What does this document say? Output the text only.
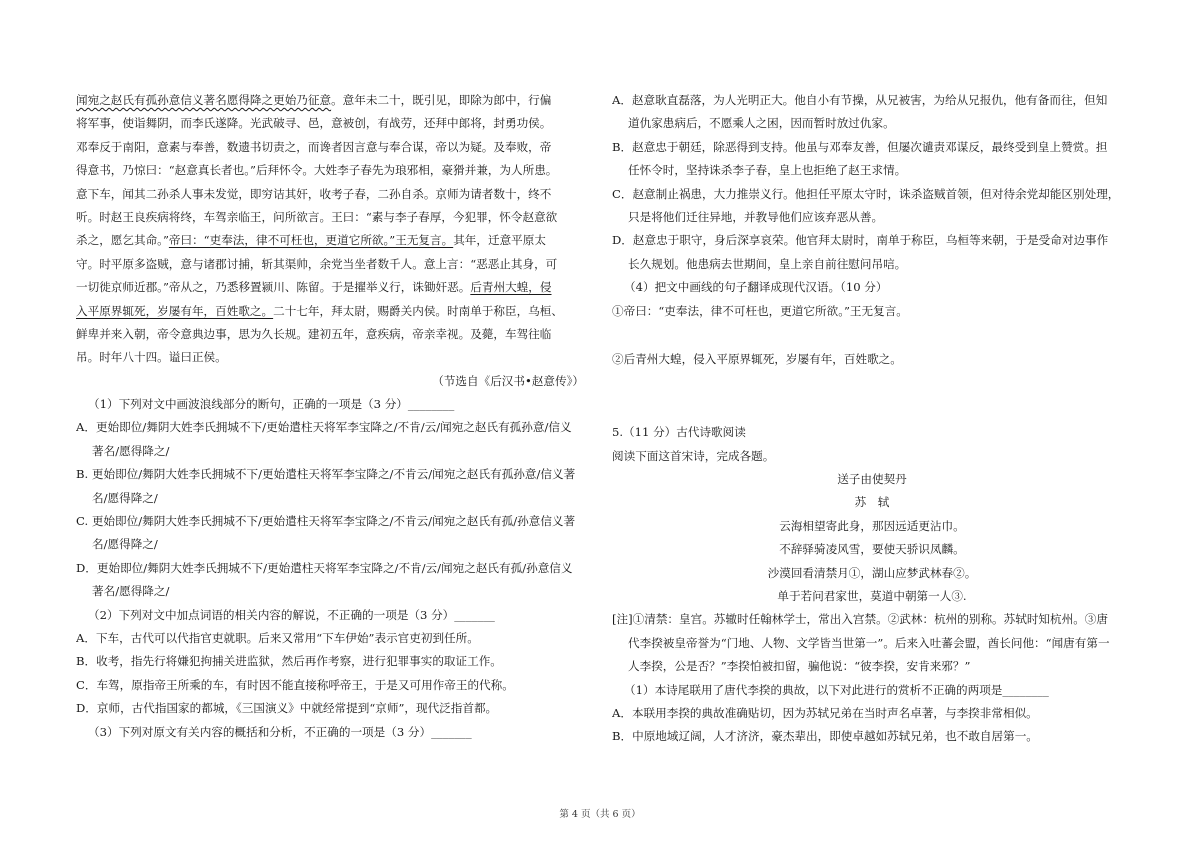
闻宛之赵氏有孤孙意信义著名愿得降之更始乃征意。意年未二十，既引见，即除为郎中，行偏
将军事，使诣舞阴，而李氏遂降。光武破寻、邑，意被创，有战劳，还拜中郎将，封勇功侯。
邓奉反于南阳，意素与奉善，数遗书切责之，而谗者因言意与奉合谋，帝以为疑。及奉败，帝
得意书，乃惊曰：“赵意真长者也。”后拜怀令。大姓李子春先为琅邪相，豪猾并兼，为人所患。
意下车，闻其二孙杀人事未发觉，即穷诘其奸，收考子春，二孙自杀。京师为请者数十，终不
听。时赵王良疾病将终，车驾亲临王，问所欲言。王曰：“素与李子春厚，今犯罪，怀令赵意欲
杀之，愿乞其命。”帝曰：“吏奉法，律不可枉也，更道它所欲。”王无复言。其年，迁意平原太
守。时平原多盗贼，意与诸郡讨捕，斩其渠帅，余党当坐者数千人。意上言：“恶恶止其身，可
一切徙京师近郡。”帝从之，乃悉移置颍川、陈留。于是擢举义行，诛锄奸恶。后青州大蝗，侵
入平原界辄死，岁屡有年，百姓歌之。二十七年，拜太尉，赐爵关内侯。时南单于称臣，乌桓、
鲜卑并来入朝，帝令意典边事，思为久长规。建初五年，意疾病，帝亲幸视。及薨，车驾往临
吊。时年八十四。谥曰正侯。
（节选自《后汉书•赵意传》）
（1）下列对文中画波浪线部分的断句，正确的一项是（3 分）________
A．更始即位/舞阴大姓李氏拥城不下/更始遣柱天将军李宝降之/不肯/云/闻宛之赵氏有孤孙意/信义
著名/愿得降之/
B. 更始即位/舞阴大姓李氏拥城不下/更始遣柱天将军李宝降之/不肯云/闻宛之赵氏有孤孙意/信义著
名/愿得降之/
C. 更始即位/舞阴大姓李氏拥城不下/更始遣柱天将军李宝降之/不肯云/闻宛之赵氏有孤/孙意信义著
名/愿得降之/
D．更始即位/舞阴大姓李氏拥城不下/更始遣柱天将军李宝降之/不肯/云/闻宛之赵氏有孤/孙意信义
著名/愿得降之/
（2）下列对文中加点词语的相关内容的解说，不正确的一项是（3 分）_______
A．下车，古代可以代指官吏就职。后来又常用“下车伊始”表示官吏初到任所。
B．收考，指先行将嫌犯拘捕关进监狱，然后再作考察，进行犯罪事实的取证工作。
C．车驾，原指帝王所乘的车，有时因不能直接称呼帝王，于是又可用作帝王的代称。
D．京师，古代指国家的都城，《三国演义》中就经常提到“京师”，现代泛指首都。
（3）下列对原文有关内容的概括和分析，不正确的一项是（3 分）_______
A．赵意耿直磊落，为人光明正大。他自小有节操，从兄被害，为给从兄报仇，他有备而往，但知
道仇家患病后，不愿乘人之困，因而暂时放过仇家。
B．赵意忠于朝廷，除恶得到支持。他虽与邓奉友善，但屡次谴责邓谋反，最终受到皇上赞赏。担
任怀令时，坚持诛杀李子春，皇上也拒绝了赵王求情。
C．赵意制止祸患，大力推崇义行。他担任平原太守时，诛杀盗贼首领，但对待余党却能区别处理，
只是将他们迁往异地，并教导他们应该弃恶从善。
D．赵意忠于职守，身后深享哀荣。他官拜太尉时，南单于称臣，乌桓等来朝，于是受命对边事作
长久规划。他患病去世期间，皇上亲自前往慰问吊唁。
（4）把文中画线的句子翻译成现代汉语。（10 分）
①帝曰：“吏奉法，律不可枉也，更道它所欲。”王无复言。
②后青州大蝗，侵入平原界辄死，岁屡有年，百姓歌之。
5.（11 分）古代诗歌阅读
阅读下面这首宋诗，完成各题。
送子由使契丹
苏　轼
云海相望寄此身，那因远适更沾巾。
不辞驿骑凌风雪，要使天骄识凤麟。
沙漠回看清禁月①，湖山应梦武林春②。
单于若问君家世，莫道中朝第一人③.
[注]①清禁：皇宫。苏辙时任翰林学士，常出入宫禁。②武林：杭州的别称。苏轼时知杭州。③唐
代李揆被皇帝誉为“门地、人物、文学皆当世第一”。后来入吐蕃会盟，酋长问他：“闻唐有第一
人李揆，公是否？”李揆怕被扣留，骗他说：“彼李揆，安肯来邪？”
（1）本诗尾联用了唐代李揆的典故，以下对此进行的赏析不正确的两项是________
A．本联用李揆的典故准确贴切，因为苏轼兄弟在当时声名卓著，与李揆非常相似。
B．中原地域辽阔，人才济济，豪杰辈出，即使卓越如苏轼兄弟，也不敢自居第一。
第 4 页（共 6 页）
